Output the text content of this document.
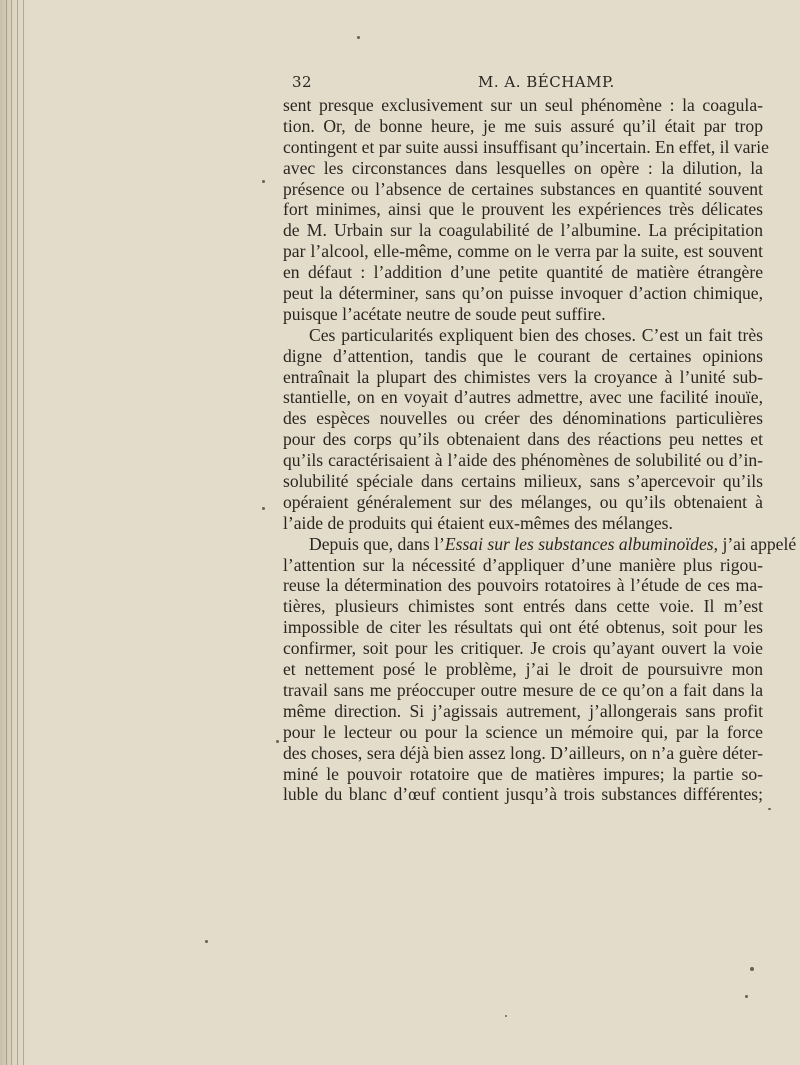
32	M. A. BÉCHAMP.
sent presque exclusivement sur un seul phénomène : la coagula-
tion. Or, de bonne heure, je me suis assuré qu’il était par trop
contingent et par suite aussi insuffisant qu’incertain. En effet, il varie
avec les circonstances dans lesquelles on opère : la dilution, la
présence ou l’absence de certaines substances en quantité souvent
fort minimes, ainsi que le prouvent les expériences très délicates
de M. Urbain sur la coagulabilité de l’albumine. La précipitation
par l’alcool, elle-même, comme on le verra par la suite, est souvent
en défaut : l’addition d’une petite quantité de matière étrangère
peut la déterminer, sans qu’on puisse invoquer d’action chimique,
puisque l’acétate neutre de soude peut suffire.
Ces particularités expliquent bien des choses. C’est un fait très
digne d’attention, tandis que le courant de certaines opinions
entraînait la plupart des chimistes vers la croyance à l’unité sub-
stantielle, on en voyait d’autres admettre, avec une facilité inouïe,
des espèces nouvelles ou créer des dénominations particulières
pour des corps qu’ils obtenaient dans des réactions peu nettes et
qu’ils caractérisaient à l’aide des phénomènes de solubilité ou d’in-
solubilité spéciale dans certains milieux, sans s’apercevoir qu’ils
opéraient généralement sur des mélanges, ou qu’ils obtenaient à
l’aide de produits qui étaient eux-mêmes des mélanges.
Depuis que, dans l’Essai sur les substances albuminoïdes, j’ai appelé
l’attention sur la nécessité d’appliquer d’une manière plus rigou-
reuse la détermination des pouvoirs rotatoires à l’étude de ces ma-
tières, plusieurs chimistes sont entrés dans cette voie. Il m’est
impossible de citer les résultats qui ont été obtenus, soit pour les
confirmer, soit pour les critiquer. Je crois qu’ayant ouvert la voie
et nettement posé le problème, j’ai le droit de poursuivre mon
travail sans me préoccuper outre mesure de ce qu’on a fait dans la
même direction. Si j’agissais autrement, j’allongerais sans profit
pour le lecteur ou pour la science un mémoire qui, par la force
des choses, sera déjà bien assez long. D’ailleurs, on n’a guère déter-
miné le pouvoir rotatoire que de matières impures; la partie so-
luble du blanc d’œuf contient jusqu’à trois substances différentes;
